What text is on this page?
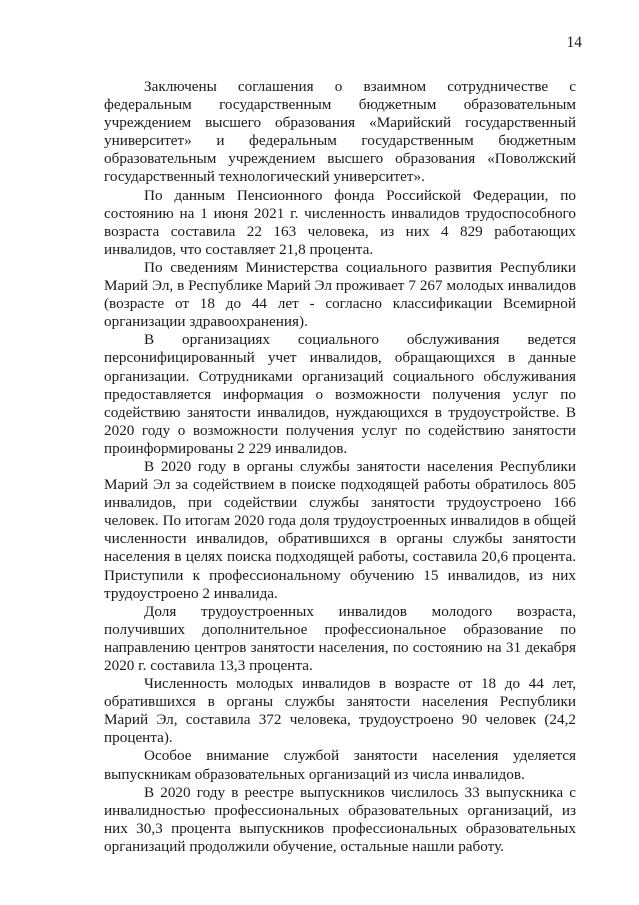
14

Заключены соглашения о взаимном сотрудничестве с федеральным государственным бюджетным образовательным учреждением высшего образования «Марийский государственный университет» и федеральным государственным бюджетным образовательным учреждением высшего образования «Поволжский государственный технологический университет».

По данным Пенсионного фонда Российской Федерации, по состоянию на 1 июня 2021 г. численность инвалидов трудоспособного возраста составила 22 163 человека, из них 4 829 работающих инвалидов, что составляет 21,8 процента.

По сведениям Министерства социального развития Республики Марий Эл, в Республике Марий Эл проживает 7 267 молодых инвалидов (возрасте от 18 до 44 лет - согласно классификации Всемирной организации здравоохранения).

В организациях социального обслуживания ведется персонифицированный учет инвалидов, обращающихся в данные организации. Сотрудниками организаций социального обслуживания предоставляется информация о возможности получения услуг по содействию занятости инвалидов, нуждающихся в трудоустройстве. В 2020 году о возможности получения услуг по содействию занятости проинформированы 2 229 инвалидов.

В 2020 году в органы службы занятости населения Республики Марий Эл за содействием в поиске подходящей работы обратилось 805 инвалидов, при содействии службы занятости трудоустроено 166 человек. По итогам 2020 года доля трудоустроенных инвалидов в общей численности инвалидов, обратившихся в органы службы занятости населения в целях поиска подходящей работы, составила 20,6 процента. Приступили к профессиональному обучению 15 инвалидов, из них трудоустроено 2 инвалида.

Доля трудоустроенных инвалидов молодого возраста, получивших дополнительное профессиональное образование по направлению центров занятости населения, по состоянию на 31 декабря 2020 г. составила 13,3 процента.

Численность молодых инвалидов в возрасте от 18 до 44 лет, обратившихся в органы службы занятости населения Республики Марий Эл, составила 372 человека, трудоустроено 90 человек (24,2 процента).

Особое внимание службой занятости населения уделяется выпускникам образовательных организаций из числа инвалидов.

В 2020 году в реестре выпускников числилось 33 выпускника с инвалидностью профессиональных образовательных организаций, из них 30,3 процента выпускников профессиональных образовательных организаций продолжили обучение, остальные нашли работу.
